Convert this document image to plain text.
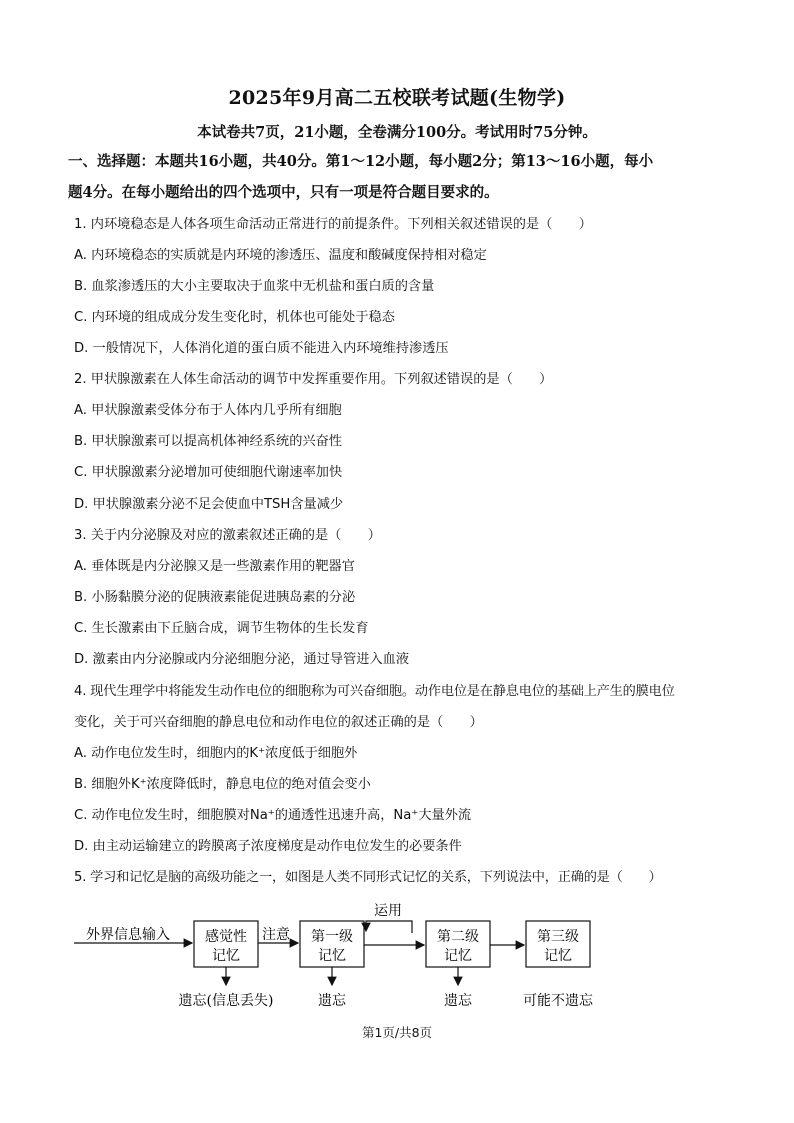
2025年9月高二五校联考试题(生物学)
本试卷共7页，21小题，全卷满分100分。考试用时75分钟。
一、选择题：本题共16小题，共40分。第1～12小题，每小题2分；第13～16小题，每小
题4分。在每小题给出的四个选项中，只有一项是符合题目要求的。
1. 内环境稳态是人体各项生命活动正常进行的前提条件。下列相关叙述错误的是（　　）
A. 内环境稳态的实质就是内环境的渗透压、温度和酸碱度保持相对稳定
B. 血浆渗透压的大小主要取决于血浆中无机盐和蛋白质的含量
C. 内环境的组成成分发生变化时，机体也可能处于稳态
D. 一般情况下，人体消化道的蛋白质不能进入内环境维持渗透压
2. 甲状腺激素在人体生命活动的调节中发挥重要作用。下列叙述错误的是（　　）
A. 甲状腺激素受体分布于人体内几乎所有细胞
B. 甲状腺激素可以提高机体神经系统的兴奋性
C. 甲状腺激素分泌增加可使细胞代谢速率加快
D. 甲状腺激素分泌不足会使血中TSH含量减少
3. 关于内分泌腺及对应的激素叙述正确的是（　　）
A. 垂体既是内分泌腺又是一些激素作用的靶器官
B. 小肠黏膜分泌的促胰液素能促进胰岛素的分泌
C. 生长激素由下丘脑合成，调节生物体的生长发育
D. 激素由内分泌腺或内分泌细胞分泌，通过导管进入血液
4. 现代生理学中将能发生动作电位的细胞称为可兴奋细胞。动作电位是在静息电位的基础上产生的膜电位
变化，关于可兴奋细胞的静息电位和动作电位的叙述正确的是（　　）
A. 动作电位发生时，细胞内的K⁺浓度低于细胞外
B. 细胞外K⁺浓度降低时，静息电位的绝对值会变小
C. 动作电位发生时，细胞膜对Na⁺的通透性迅速升高，Na⁺大量外流
D. 由主动运输建立的跨膜离子浓度梯度是动作电位发生的必要条件
5. 学习和记忆是脑的高级功能之一，如图是人类不同形式记忆的关系，下列说法中，正确的是（　　）
外界信息输入	感觉性
记忆
注意 第一级
记忆
运用
第二级
记忆
第三级
记忆
遗忘(信息丢失)	遗忘	遗忘	可能不遗忘
第1页/共8页
